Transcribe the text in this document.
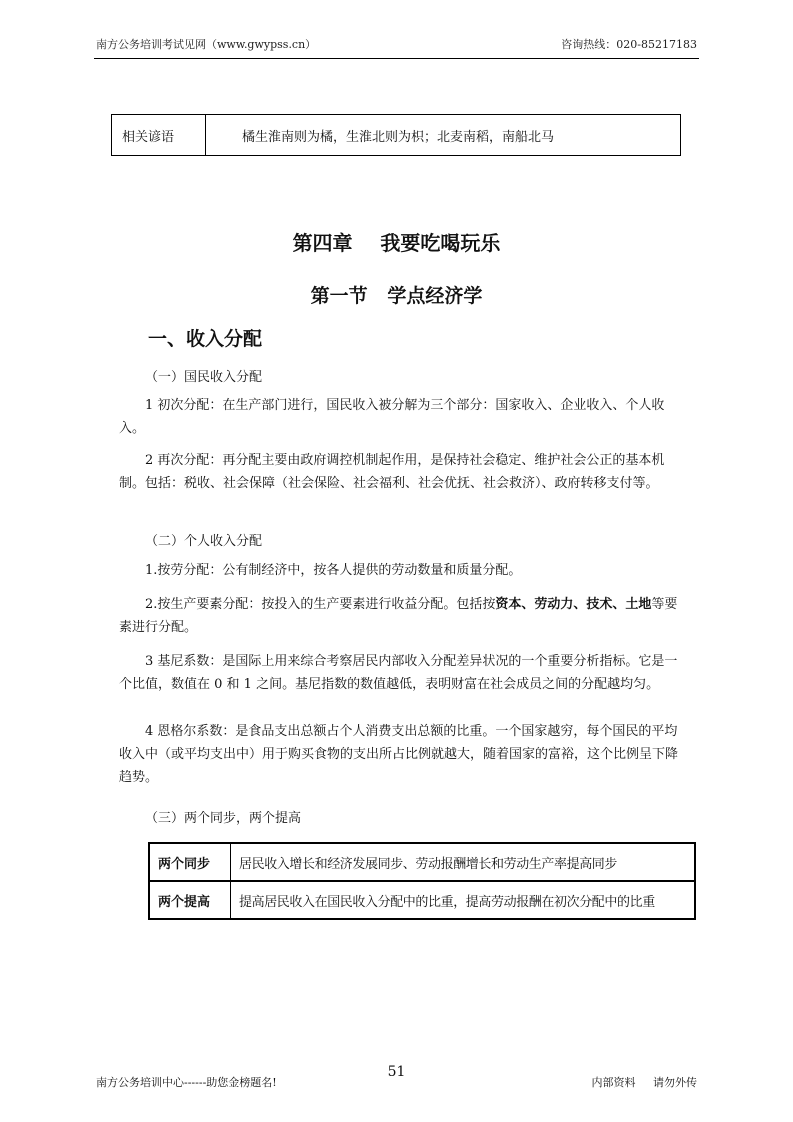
南方公务培训考试见网（www.gwypss.cn）	咨询热线：020-85217183
相关谚语	橘生淮南则为橘，生淮北则为枳；北麦南稻，南船北马
第四章    我要吃喝玩乐
第一节   学点经济学
一、收入分配
（一）国民收入分配
1 初次分配：在生产部门进行，国民收入被分解为三个部分：国家收入、企业收入、个人收入。
2 再次分配：再分配主要由政府调控机制起作用，是保持社会稳定、维护社会公正的基本机制。包括：税收、社会保障（社会保险、社会福利、社会优抚、社会救济）、政府转移支付等。
（二）个人收入分配
1.按劳分配：公有制经济中，按各人提供的劳动数量和质量分配。
2.按生产要素分配：按投入的生产要素进行收益分配。包括按资本、劳动力、技术、土地等要素进行分配。
3 基尼系数：是国际上用来综合考察居民内部收入分配差异状况的一个重要分析指标。它是一个比值，数值在 0 和 1 之间。基尼指数的数值越低，表明财富在社会成员之间的分配越均匀。
4 恩格尔系数：是食品支出总额占个人消费支出总额的比重。一个国家越穷，每个国民的平均收入中（或平均支出中）用于购买食物的支出所占比例就越大，随着国家的富裕，这个比例呈下降趋势。
（三）两个同步，两个提高
两个同步	居民收入增长和经济发展同步、劳动报酬增长和劳动生产率提高同步
两个提高	提高居民收入在国民收入分配中的比重，提高劳动报酬在初次分配中的比重
51
南方公务培训中心------助您金榜题名!	内部资料     请勿外传
